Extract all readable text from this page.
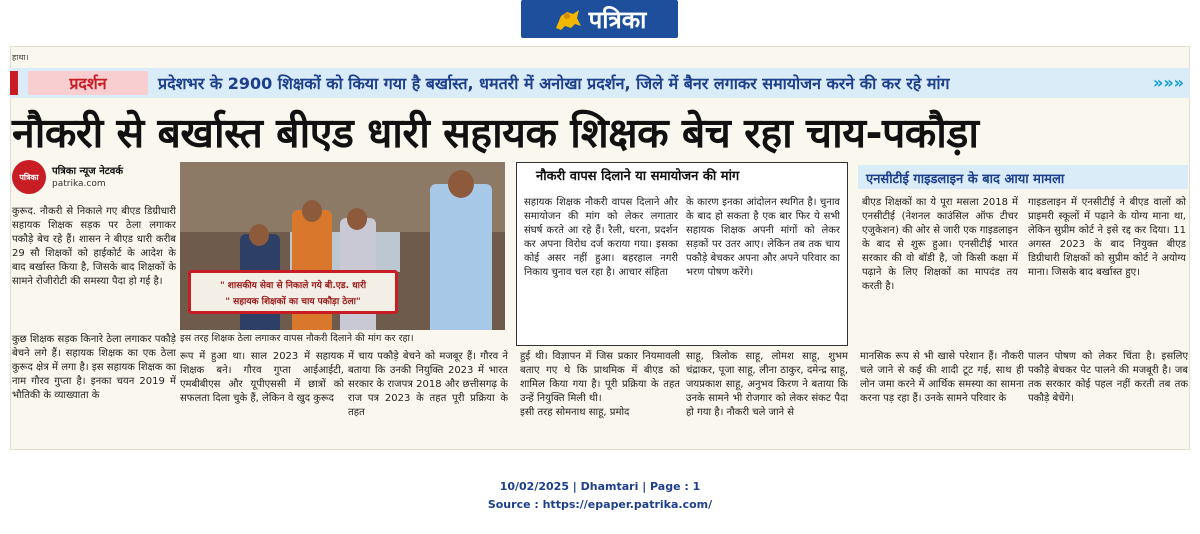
पत्रिका
हाथा।
प्रदर्शन	प्रदेशभर के 2900 शिक्षकों को किया गया है बर्खास्त, धमतरी में अनोखा प्रदर्शन, जिले में बैनर लगाकर समायोजन करने की कर रहे मांग	»»»
नौकरी से बर्खास्त बीएड धारी सहायक शिक्षक बेच रहा चाय-पकौड़ा
पत्रिका	पत्रिका न्यूज नेटवर्क
patrika.com
कुरूद. नौकरी से निकाले गए बीएड डिग्रीधारी सहायक शिक्षक सड़क पर ठेला लगाकर पकौड़े बेच रहे हैं। शासन ने बीएड धारी करीब 29 सौ शिक्षकों को हाईकोर्ट के आदेश के बाद बर्खास्त किया है, जिसके बाद शिक्षकों के सामने रोजीरोटी की समस्या पैदा हो गई है।
कुछ शिक्षक सड़क किनारे ठेला लगाकर पकौड़े बेचने लगे हैं। सहायक शिक्षक का एक ठेला कुरूद क्षेत्र में लगा है। इस सहायक शिक्षक का नाम गौरव गुप्ता है। इनका चयन 2019 में भौतिकी के व्याख्याता के
" शासकीय सेवा से निकाले गये बी.एड. धारी
" सहायक शिक्षकों का चाय पकौड़ा ठेला"
इस तरह शिक्षक ठेला लगाकर वापस नौकरी दिलाने की मांग कर रहा।
रूप में हुआ था। साल 2023 में सहायक शिक्षक बने। गौरव गुप्ता आईआईटी, एमबीबीएस और यूपीएससी में छात्रों को सफलता दिला चुके हैं, लेकिन वे खुद कुरूद
में चाय पकौड़े बेचने को मजबूर हैं। गौरव ने बताया कि उनकी नियुक्ति 2023 में भारत सरकार के राजपत्र 2018 और छत्तीसगढ़ के राज पत्र 2023 के तहत पूरी प्रक्रिया के तहत
नौकरी वापस दिलाने या समायोजन की मांग
सहायक शिक्षक नौकरी वापस दिलाने और समायोजन की मांग को लेकर लगातार संघर्ष करते आ रहे हैं। रैली, धरना, प्रदर्शन कर अपना विरोध दर्ज कराया गया। इसका कोई असर नहीं हुआ। बहरहाल नगरी निकाय चुनाव चल रहा है। आचार संहिता
के कारण इनका आंदोलन स्थगित है। चुनाव के बाद हो सकता है एक बार फिर ये सभी सहायक शिक्षक अपनी मांगों को लेकर सड़कों पर उतर आए। लेकिन तब तक चाय पकौड़े बेचकर अपना और अपने परिवार का भरण पोषण करेंगे।
हुई थी। विज्ञापन में जिस प्रकार नियमावली बताए गए थे कि प्राथमिक में बीएड को शामिल किया गया है। पूरी प्रक्रिया के तहत उन्हें नियुक्ति मिली थी।
इसी तरह सोमनाथ साहू, प्रमोद
साहू, त्रिलोक साहू, लोमश साहू, शुभम चंद्राकर, पूजा साहू, लीना ठाकुर, दमेन्द्र साहू, जयप्रकाश साहू, अनुभव किरण ने बताया कि उनके सामने भी रोजगार को लेकर संकट पैदा हो गया है। नौकरी चले जाने से
एनसीटीई गाइडलाइन के बाद आया मामला
बीएड शिक्षकों का ये पूरा मसला 2018 में एनसीटीई (नेशनल काउंसिल ऑफ टीचर एजुकेशन) की ओर से जारी एक गाइडलाइन के बाद से शुरू हुआ। एनसीटीई भारत सरकार की वो बॉडी है, जो किसी कक्षा में पढ़ाने के लिए शिक्षकों का मापदंड तय करती है।
गाइडलाइन में एनसीटीई ने बीएड वालों को प्राइमरी स्कूलों में पढ़ाने के योग्य माना था, लेकिन सुप्रीम कोर्ट ने इसे रद्द कर दिया। 11 अगस्त 2023 के बाद नियुक्त बीएड डिग्रीधारी शिक्षकों को सुप्रीम कोर्ट ने अयोग्य माना। जिसके बाद बर्खास्त हुए।
मानसिक रूप से भी खासे परेशान हैं। नौकरी चले जाने से कई की शादी टूट गई, साथ ही लोन जमा करने में आर्थिक समस्या का सामना करना पड़ रहा हैं। उनके सामने परिवार के
पालन पोषण को लेकर चिंता है। इसलिए पकौड़े बेचकर पेट पालने की मजबूरी है। जब तक सरकार कोई पहल नहीं करती तब तक पकौड़े बेचेंगे।
10/02/2025 | Dhamtari | Page : 1
Source : https://epaper.patrika.com/
